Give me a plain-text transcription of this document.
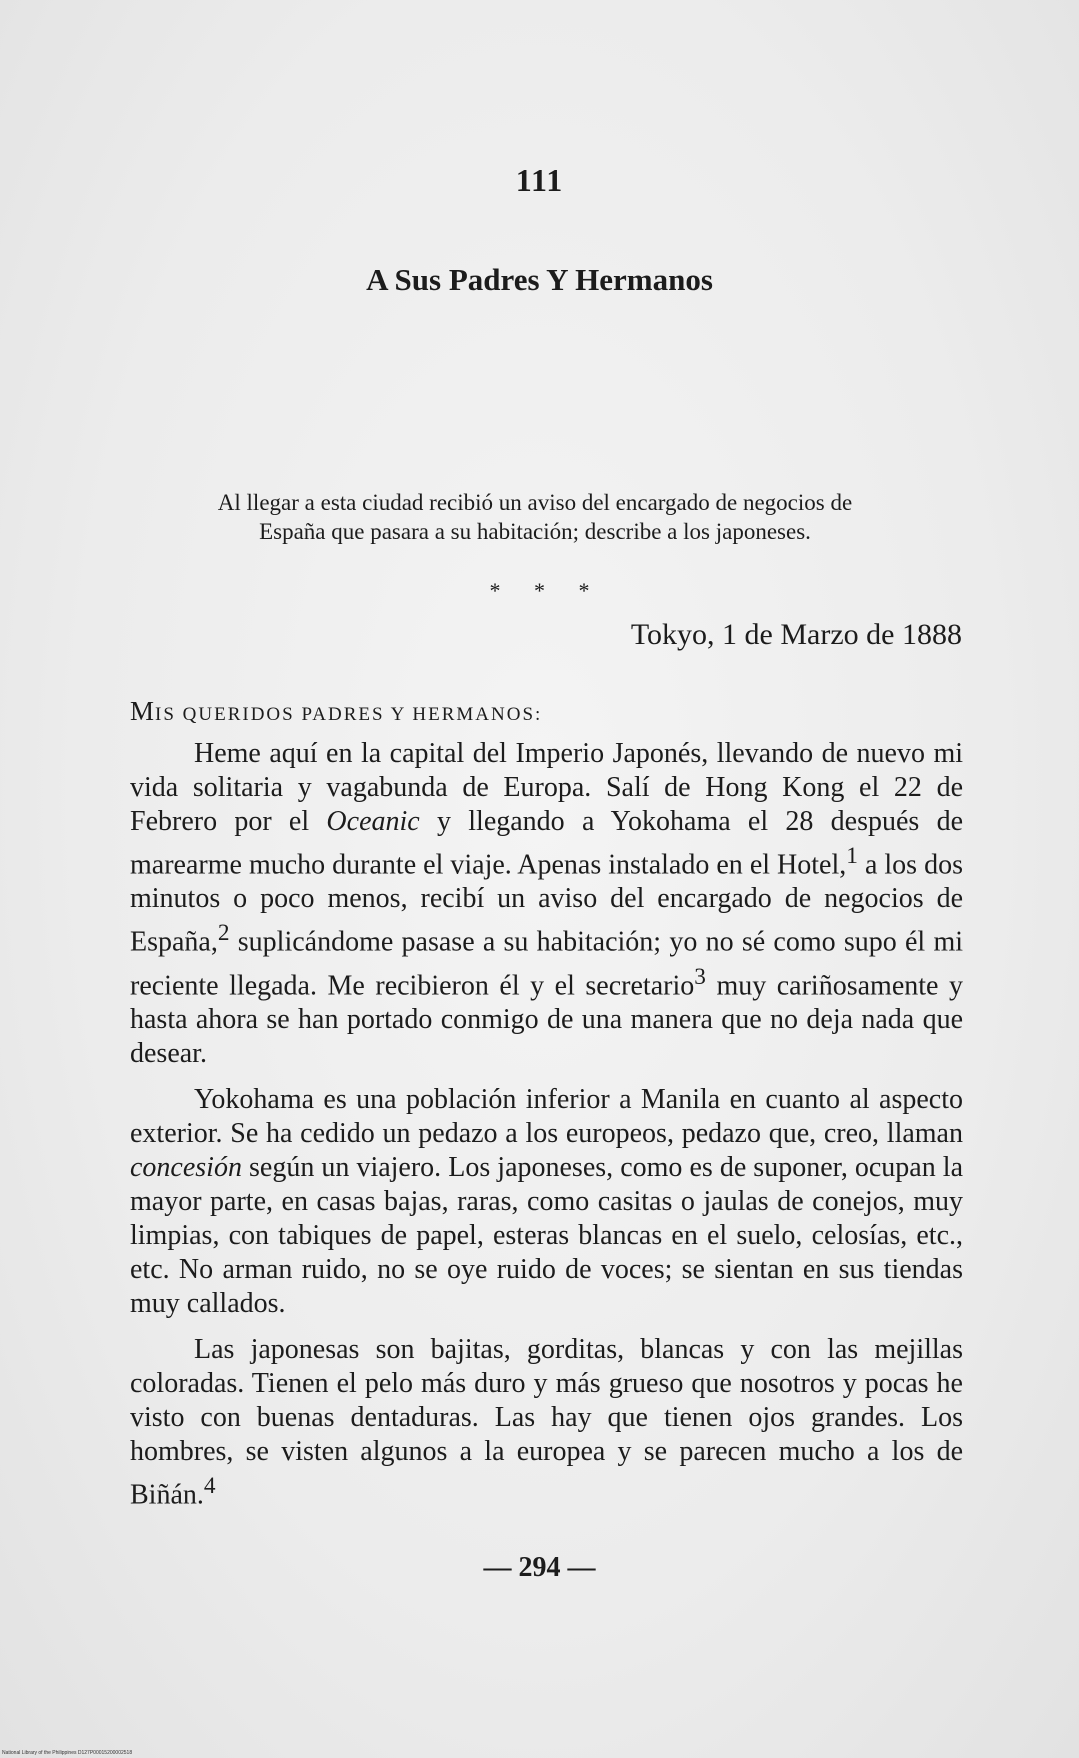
111
A Sus Padres Y Hermanos
Al llegar a esta ciudad recibió un aviso del encargado de negocios de España que pasara a su habitación; describe a los japoneses.
* * *
Tokyo, 1 de Marzo de 1888
MIS QUERIDOS PADRES Y HERMANOS:

Heme aquí en la capital del Imperio Japonés, llevando de nuevo mi vida solitaria y vagabunda de Europa. Salí de Hong Kong el 22 de Febrero por el Oceanic y llegando a Yokohama el 28 después de marearme mucho durante el viaje. Apenas instalado en el Hotel,$^1$ a los dos minutos o poco menos, recibí un aviso del encargado de negocios de España,$^2$ suplicándome pasase a su habitación; yo no sé como supo él mi reciente llegada. Me recibieron él y el secretario$^3$ muy cariñosamente y hasta ahora se han portado conmigo de una manera que no deja nada que desear.

Yokohama es una población inferior a Manila en cuanto al aspecto exterior. Se ha cedido un pedazo a los europeos, pedazo que, creo, llaman concesión según un viajero. Los japoneses, como es de suponer, ocupan la mayor parte, en casas bajas, raras, como casitas o jaulas de conejos, muy limpias, con tabiques de papel, esteras blancas en el suelo, celosías, etc., etc. No arman ruido, no se oye ruido de voces; se sientan en sus tiendas muy callados.

Las japonesas son bajitas, gorditas, blancas y con las mejillas coloradas. Tienen el pelo más duro y más grueso que nosotros y pocas he visto con buenas dentaduras. Las hay que tienen ojos grandes. Los hombres, se visten algunos a la europea y se parecen mucho a los de Biñán.$^4$

— 294 —
National Library of the Philippines D127P00015200002518
